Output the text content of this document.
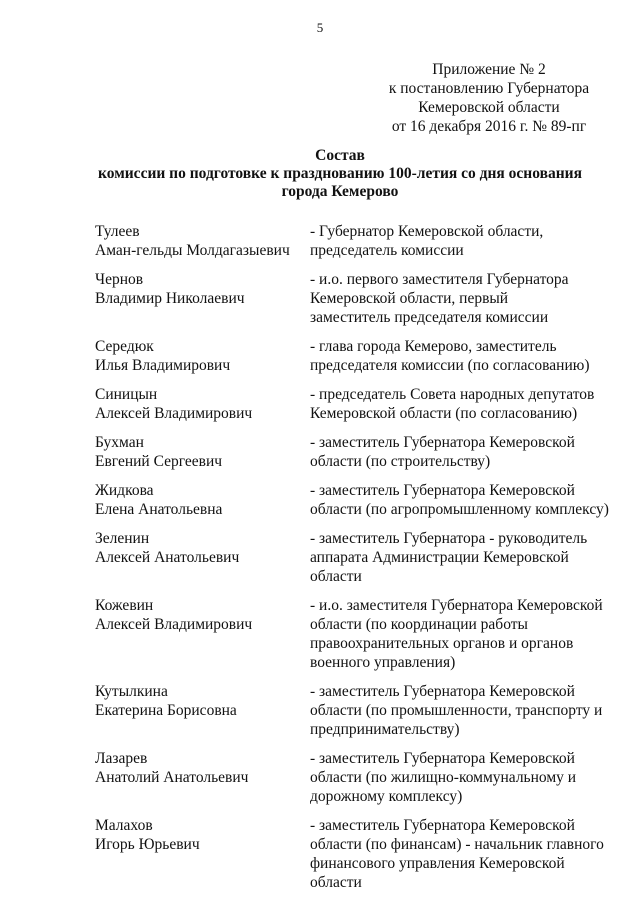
5
Приложение № 2
к постановлению Губернатора
Кемеровской области
от 16 декабря 2016 г. № 89-пг
Состав
комиссии по подготовке к празднованию 100-летия со дня основания
города Кемерово
Тулеев
Аман-гельды Молдагазыевич
- Губернатор Кемеровской области,
председатель комиссии
Чернов
Владимир Николаевич
- и.о. первого заместителя Губернатора
Кемеровской области, первый
заместитель председателя комиссии
Середюк
Илья Владимирович
- глава города Кемерово, заместитель
председателя комиссии (по согласованию)
Синицын
Алексей Владимирович
- председатель Совета народных депутатов
Кемеровской области (по согласованию)
Бухман
Евгений Сергеевич
- заместитель Губернатора Кемеровской
области (по строительству)
Жидкова
Елена Анатольевна
- заместитель Губернатора Кемеровской
области (по агропромышленному комплексу)
Зеленин
Алексей Анатольевич
- заместитель Губернатора - руководитель
аппарата Администрации Кемеровской
области
Кожевин
Алексей Владимирович
- и.о. заместителя Губернатора Кемеровской
области (по координации работы
правоохранительных органов и органов
военного управления)
Кутылкина
Екатерина Борисовна
- заместитель Губернатора Кемеровской
области (по промышленности, транспорту и
предпринимательству)
Лазарев
Анатолий Анатольевич
- заместитель Губернатора Кемеровской
области (по жилищно-коммунальному и
дорожному комплексу)
Малахов
Игорь Юрьевич
- заместитель Губернатора Кемеровской
области (по финансам) - начальник главного
финансового управления Кемеровской
области
